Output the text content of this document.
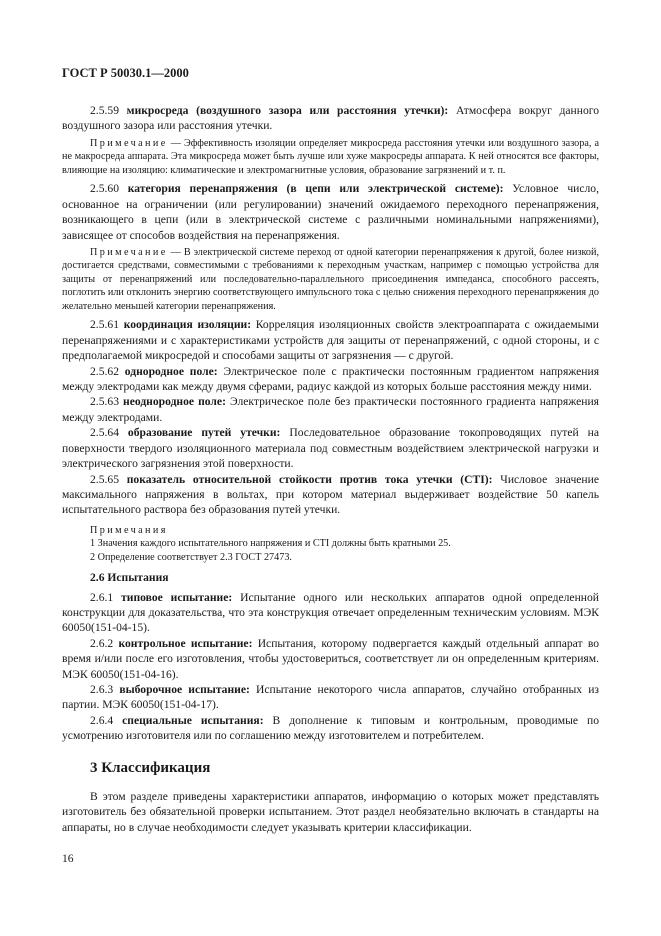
ГОСТ Р 50030.1—2000

2.5.59 микросреда (воздушного зазора или расстояния утечки): Атмосфера вокруг данного воздушного зазора или расстояния утечки.

Примечание — Эффективность изоляции определяет микросреда расстояния утечки или воздушного зазора, а не макросреда аппарата. Эта микросреда может быть лучше или хуже макросреды аппарата. К ней относятся все факторы, влияющие на изоляцию: климатические и электромагнитные условия, образование загрязнений и т. п.

2.5.60 категория перенапряжения (в цепи или электрической системе): Условное число, основанное на ограничении (или регулировании) значений ожидаемого переходного перенапряжения, возникающего в цепи (или в электрической системе с различными номинальными напряжениями), зависящее от способов воздействия на перенапряжения.

Примечание — В электрической системе переход от одной категории перенапряжения к другой, более низкой, достигается средствами, совместимыми с требованиями к переходным участкам, например с помощью устройства для защиты от перенапряжений или последовательно-параллельного присоединения импеданса, способного рассеять, поглотить или отклонить энергию соответствующего импульсного тока с целью снижения переходного перенапряжения до желательно меньшей категории перенапряжения.

2.5.61 координация изоляции: Корреляция изоляционных свойств электроаппарата с ожидаемыми перенапряжениями и с характеристиками устройств для защиты от перенапряжений, с одной стороны, и с предполагаемой микросредой и способами защиты от загрязнения — с другой.

2.5.62 однородное поле: Электрическое поле с практически постоянным градиентом напряжения между электродами как между двумя сферами, радиус каждой из которых больше расстояния между ними.

2.5.63 неоднородное поле: Электрическое поле без практически постоянного градиента напряжения между электродами.

2.5.64 образование путей утечки: Последовательное образование токопроводящих путей на поверхности твердого изоляционного материала под совместным воздействием электрической нагрузки и электрического загрязнения этой поверхности.

2.5.65 показатель относительной стойкости против тока утечки (CTI): Числовое значение максимального напряжения в вольтах, при котором материал выдерживает воздействие 50 капель испытательного раствора без образования путей утечки.

Примечания

1 Значения каждого испытательного напряжения и CTI должны быть кратными 25.

2 Определение соответствует 2.3 ГОСТ 27473.

2.6 Испытания

2.6.1 типовое испытание: Испытание одного или нескольких аппаратов одной определенной конструкции для доказательства, что эта конструкция отвечает определенным техническим условиям. МЭК 60050(151-04-15).

2.6.2 контрольное испытание: Испытания, которому подвергается каждый отдельный аппарат во время и/или после его изготовления, чтобы удостовериться, соответствует ли он определенным критериям. МЭК 60050(151-04-16).

2.6.3 выборочное испытание: Испытание некоторого числа аппаратов, случайно отобранных из партии. МЭК 60050(151-04-17).

2.6.4 специальные испытания: В дополнение к типовым и контрольным, проводимые по усмотрению изготовителя или по соглашению между изготовителем и потребителем.

3 Классификация

В этом разделе приведены характеристики аппаратов, информацию о которых может представлять изготовитель без обязательной проверки испытанием. Этот раздел необязательно включать в стандарты на аппараты, но в случае необходимости следует указывать критерии классификации.

16
